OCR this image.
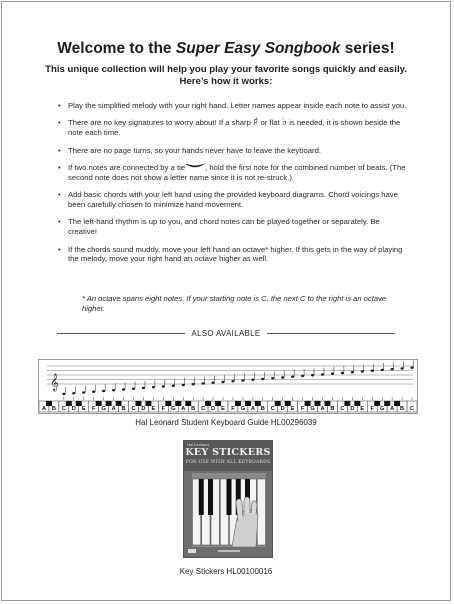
Welcome to the Super Easy Songbook series!
This unique collection will help you play your favorite songs quickly and easily. Here’s how it works:
• Play the simplified melody with your right hand. Letter names appear inside each note to assist you.
• There are no key signatures to worry about! If a sharp ♯ or flat ♭ is needed, it is shown beside the note each time.
• There are no page turns, so your hands never have to leave the keyboard.
• If two notes are connected by a tie	, hold the first note for the combined number of beats. (The second note does not show a letter name since it is not re-struck.)
• Add basic chords with your left hand using the provided keyboard diagrams. Chord voicings have been carefully chosen to minimize hand movement.
• The left-hand rhythm is up to you, and chord notes can be played together or separately. Be creative!
• If the chords sound muddy, move your left hand an octave* higher. If this gets in the way of playing the melody, move your right hand an octave higher as well.
* An octave spans eight notes. If your starting note is C, the next C to the right is an octave higher.
ALSO AVAILABLE
A B C D E F G A B C D E F G A B C D E F G A B C D E F G A B C D E F G A B C
𝄞
Hal Leonard Student Keyboard Guide HL00296039
Hal Leonard
KEY STICKERS
FOR USE WITH ALL KEYBOARDS
Key Stickers HL00100016
